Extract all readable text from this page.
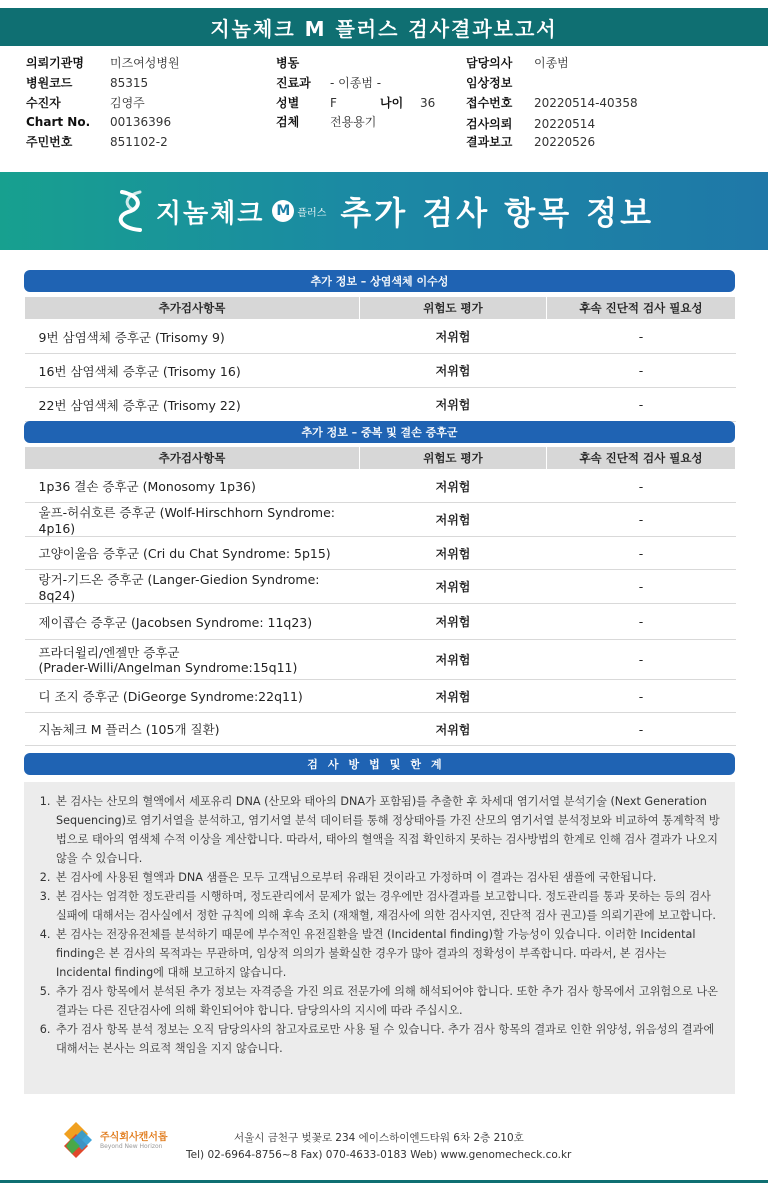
지놈체크 M 플러스 검사결과보고서
의뢰기관명 미즈여성병원
병원코드	85315
수진자	김영주
Chart No. 00136396
주민번호	851102-2
병동
진료과 - 이종범 -
성별	F	나이 36
검체	전용용기
담당의사 이종범
임상정보
접수번호 20220514-40358
검사의뢰 20220514
결과보고 20220526
지놈체크 M 플러스 추가 검사 항목 정보
추가 정보 – 상염색체 이수성
추가검사항목	위험도 평가	후속 진단적 검사 필요성
9번 삼염색체 증후군 (Trisomy 9)	저위험	-
16번 삼염색체 증후군 (Trisomy 16)	저위험	-
22번 삼염색체 증후군 (Trisomy 22)	저위험	-
추가 정보 – 중복 및 결손 증후군
추가검사항목	위험도 평가	후속 진단적 검사 필요성
1p36 결손 증후군 (Monosomy 1p36)	저위험	-
울프-허쉬호른 증후군 (Wolf-Hirschhorn Syndrome: 4p16)	저위험	-
고양이울음 증후군 (Cri du Chat Syndrome: 5p15)	저위험	-
랑거-기드온 증후군 (Langer-Giedion Syndrome: 8q24)	저위험	-
제이콥슨 증후군 (Jacobsen Syndrome: 11q23)	저위험	-

프라더윌리/엔젤만 증후군
(Prader-Willi/Angelman Syndrome:15q11)	저위험	-
디 조지 증후군 (DiGeorge Syndrome:22q11)	저위험	-
지놈체크 M 플러스 (105개 질환)	저위험	-
검사방법및한계
1. 본 검사는 산모의 혈액에서 세포유리 DNA (산모와 태아의 DNA가 포함됨)를 추출한 후 차세대 염기서열 분석기술 (Next Generation Sequencing)로 염기서열을 분석하고, 염기서열 분석 데이터를 통해 정상태아를 가진 산모의 염기서열 분석정보와 비교하여 통계학적 방법으로 태아의 염색체 수적 이상을 계산합니다. 따라서, 태아의 혈액을 직접 확인하지 못하는 검사방법의 한계로 인해 검사 결과가 나오지 않을 수 있습니다.
2. 본 검사에 사용된 혈액과 DNA 샘플은 모두 고객님으로부터 유래된 것이라고 가정하며 이 결과는 검사된 샘플에 국한됩니다.
3. 본 검사는 엄격한 정도관리를 시행하며, 정도관리에서 문제가 없는 경우에만 검사결과를 보고합니다. 정도관리를 통과 못하는 등의 검사실패에 대해서는 검사실에서 정한 규칙에 의해 후속 조치 (재채혈, 재검사에 의한 검사지연, 진단적 검사 권고)를 의뢰기관에 보고합니다.
4. 본 검사는 전장유전체를 분석하기 때문에 부수적인 유전질환을 발견 (Incidental finding)할 가능성이 있습니다. 이러한 Incidental finding은 본 검사의 목적과는 무관하며, 임상적 의의가 불확실한 경우가 많아 결과의 정확성이 부족합니다. 따라서, 본 검사는 Incidental finding에 대해 보고하지 않습니다.
5. 추가 검사 항목에서 분석된 추가 정보는 자격증을 가진 의료 전문가에 의해 해석되어야 합니다. 또한 추가 검사 항목에서 고위험으로 나온 결과는 다른 진단검사에 의해 확인되어야 합니다. 담당의사의 지시에 따라 주십시오.
6. 추가 검사 항목 분석 정보는 오직 담당의사의 참고자료로만 사용 될 수 있습니다. 추가 검사 항목의 결과로 인한 위양성, 위음성의 결과에 대해서는 본사는 의료적 책임을 지지 않습니다.
주식회사캔서롭
Beyond New Horizon
서울시 금천구 벚꽃로 234 에이스하이엔드타워 6차 2층 210호
Tel) 02-6964-8756~8 Fax) 070-4633-0183 Web) www.genomecheck.co.kr
